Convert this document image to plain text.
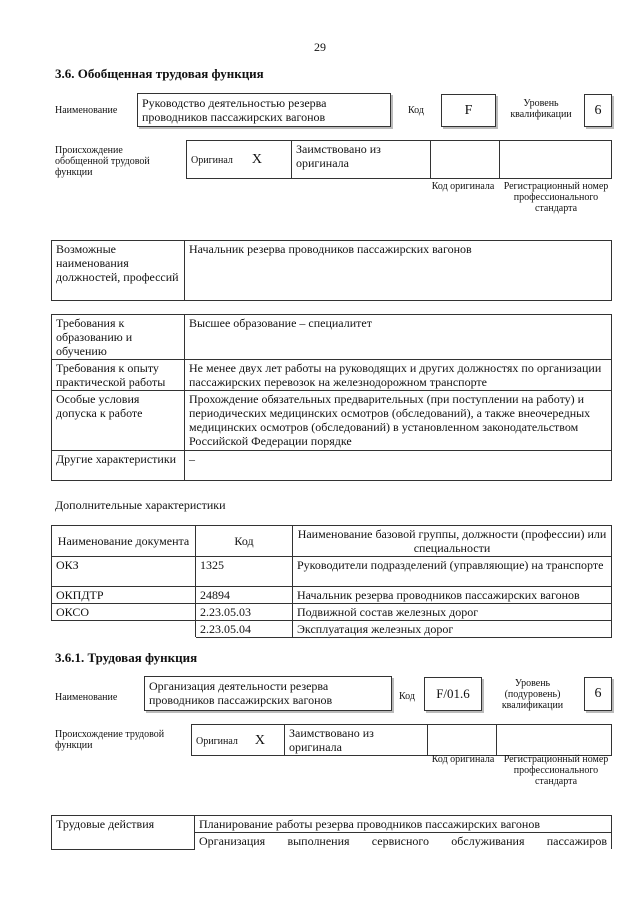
29
3.6. Обобщенная трудовая функция
Наименование
Руководство деятельностью резерва проводников пассажирских вагонов	Код	F	Уровень квалификации	6
Происхождение обобщенной трудовой функции
Оригинал X	Заимствовано из оригинала		
Код оригинала Регистрационный номер профессионального стандарта
Возможные наименования должностей, профессий	Начальник резерва проводников пассажирских вагонов
Требования к образованию и обучению	Высшее образование – специалитет
Требования к опыту практической работы	Не менее двух лет работы на руководящих и других должностях по организации пассажирских перевозок на железнодорожном транспорте
Особые условия допуска к работе	Прохождение обязательных предварительных (при поступлении на работу) и периодических медицинских осмотров (обследований), а также внеочередных медицинских осмотров (обследований) в установленном законодательством Российской Федерации порядке
Другие характеристики	–
Дополнительные характеристики
Наименование документа	Код	Наименование базовой группы, должности (профессии) или специальности
ОКЗ	1325	Руководители подразделений (управляющие) на транспорте
ОКПДТР	24894	Начальник резерва проводников пассажирских вагонов
ОКСО	2.23.05.03	Подвижной состав железных дорог
	2.23.05.04	Эксплуатация железных дорог
3.6.1. Трудовая функция
Наименование
Организация деятельности резерва проводников пассажирских вагонов	Код	F/01.6
Уровень (подуровень) квалификации
6
Происхождение трудовой функции	Оригинал X	Заимствовано из оригинала		
Код оригинала Регистрационный номер профессионального стандарта
Трудовые действия	Планирование работы резерва проводников пассажирских вагонов
Организация выполнения сервисного обслуживания пассажиров
